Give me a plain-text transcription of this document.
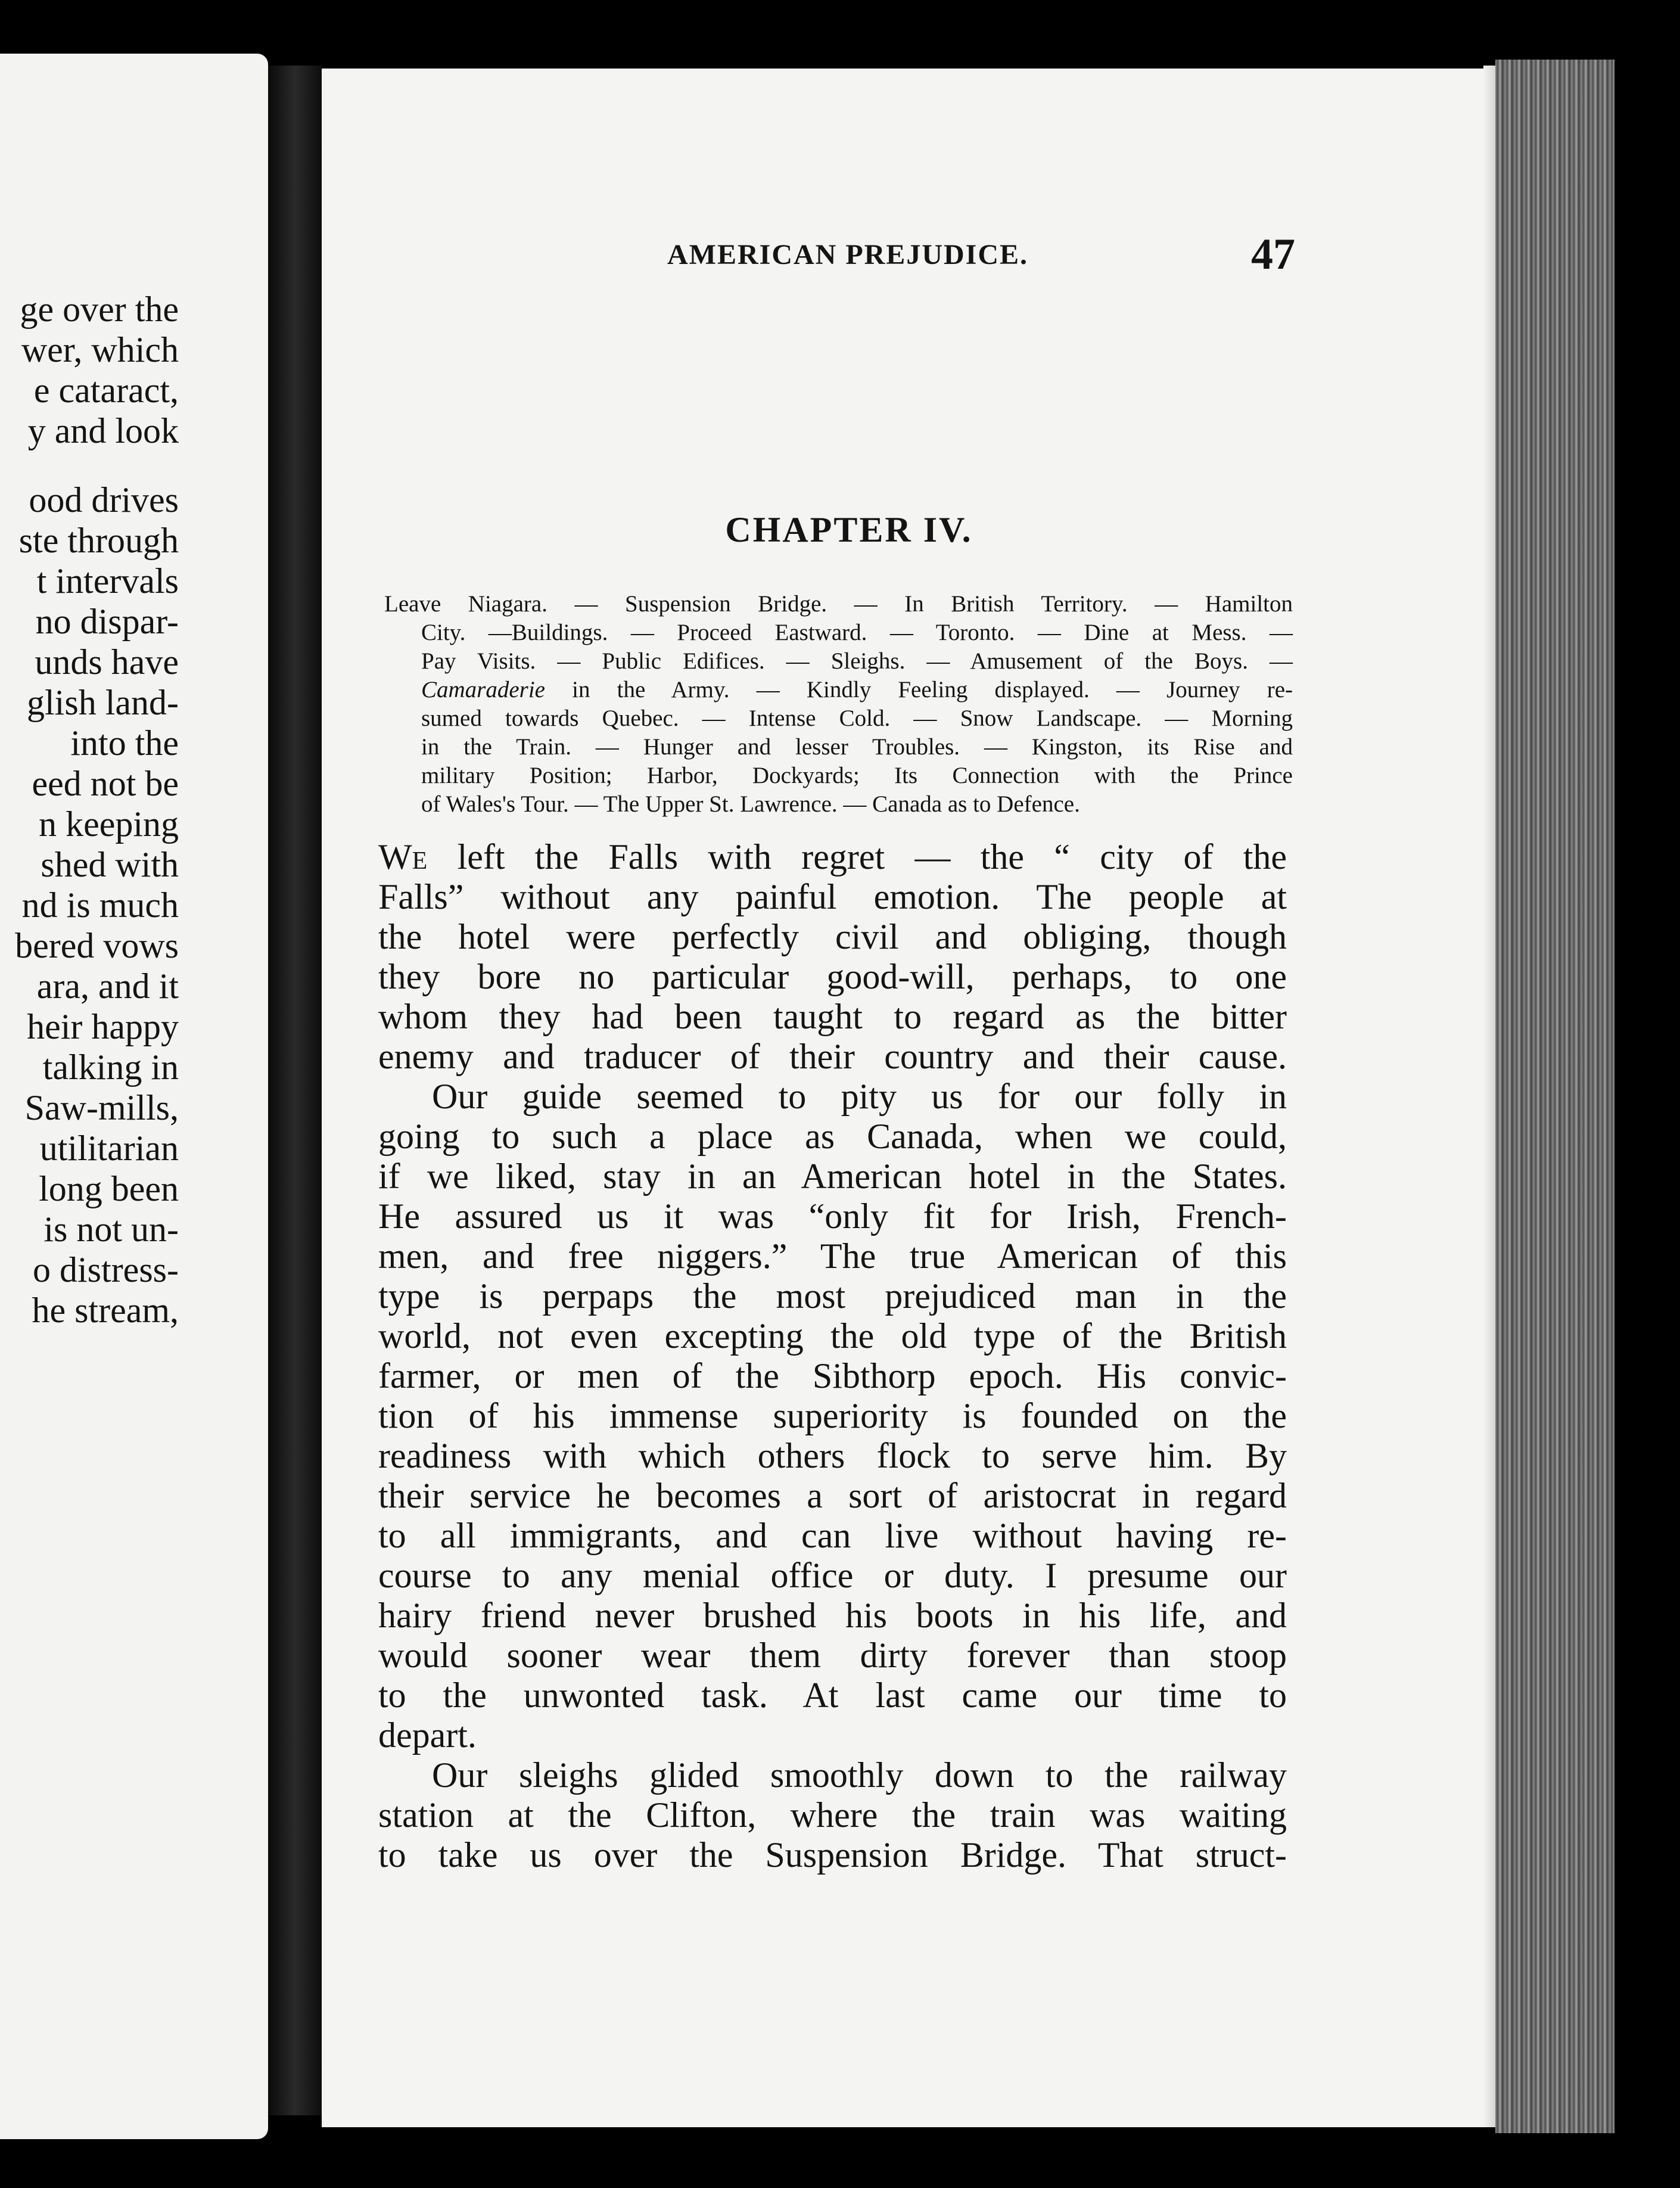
ge over the
wer, which
e cataract,
y and look
ood drives
ste through
t intervals
no dispar-
unds have
glish land-
into the
eed not be
n keeping
shed with
nd is much
bered vows
ara, and it
heir happy
talking in
Saw-mills,
utilitarian
long been
is not un-
o distress-
he stream,
AMERICAN PREJUDICE.	47
CHAPTER IV.
Leave Niagara. — Suspension Bridge. — In British Territory. — Hamilton
City. —Buildings. — Proceed Eastward. — Toronto. — Dine at Mess. —
Pay Visits. — Public Edifices. — Sleighs. — Amusement of the Boys. —
Camaraderie in the Army. — Kindly Feeling displayed. — Journey re-
sumed towards Quebec. — Intense Cold. — Snow Landscape. — Morning
in the Train. — Hunger and lesser Troubles. — Kingston, its Rise and
military Position; Harbor, Dockyards; Its Connection with the Prince
of Wales's Tour. — The Upper St. Lawrence. — Canada as to Defence.
We left the Falls with regret — the “ city of the
Falls” without any painful emotion. The people at
the hotel were perfectly civil and obliging, though
they bore no particular good-will, perhaps, to one
whom they had been taught to regard as the bitter
enemy and traducer of their country and their cause.
Our guide seemed to pity us for our folly in
going to such a place as Canada, when we could,
if we liked, stay in an American hotel in the States.
He assured us it was “only fit for Irish, French-
men, and free niggers.” The true American of this
type is perpaps the most prejudiced man in the
world, not even excepting the old type of the British
farmer, or men of the Sibthorp epoch. His convic-
tion of his immense superiority is founded on the
readiness with which others flock to serve him. By
their service he becomes a sort of aristocrat in regard
to all immigrants, and can live without having re-
course to any menial office or duty. I presume our
hairy friend never brushed his boots in his life, and
would sooner wear them dirty forever than stoop
to the unwonted task. At last came our time to
depart.
Our sleighs glided smoothly down to the railway
station at the Clifton, where the train was waiting
to take us over the Suspension Bridge. That struct-
